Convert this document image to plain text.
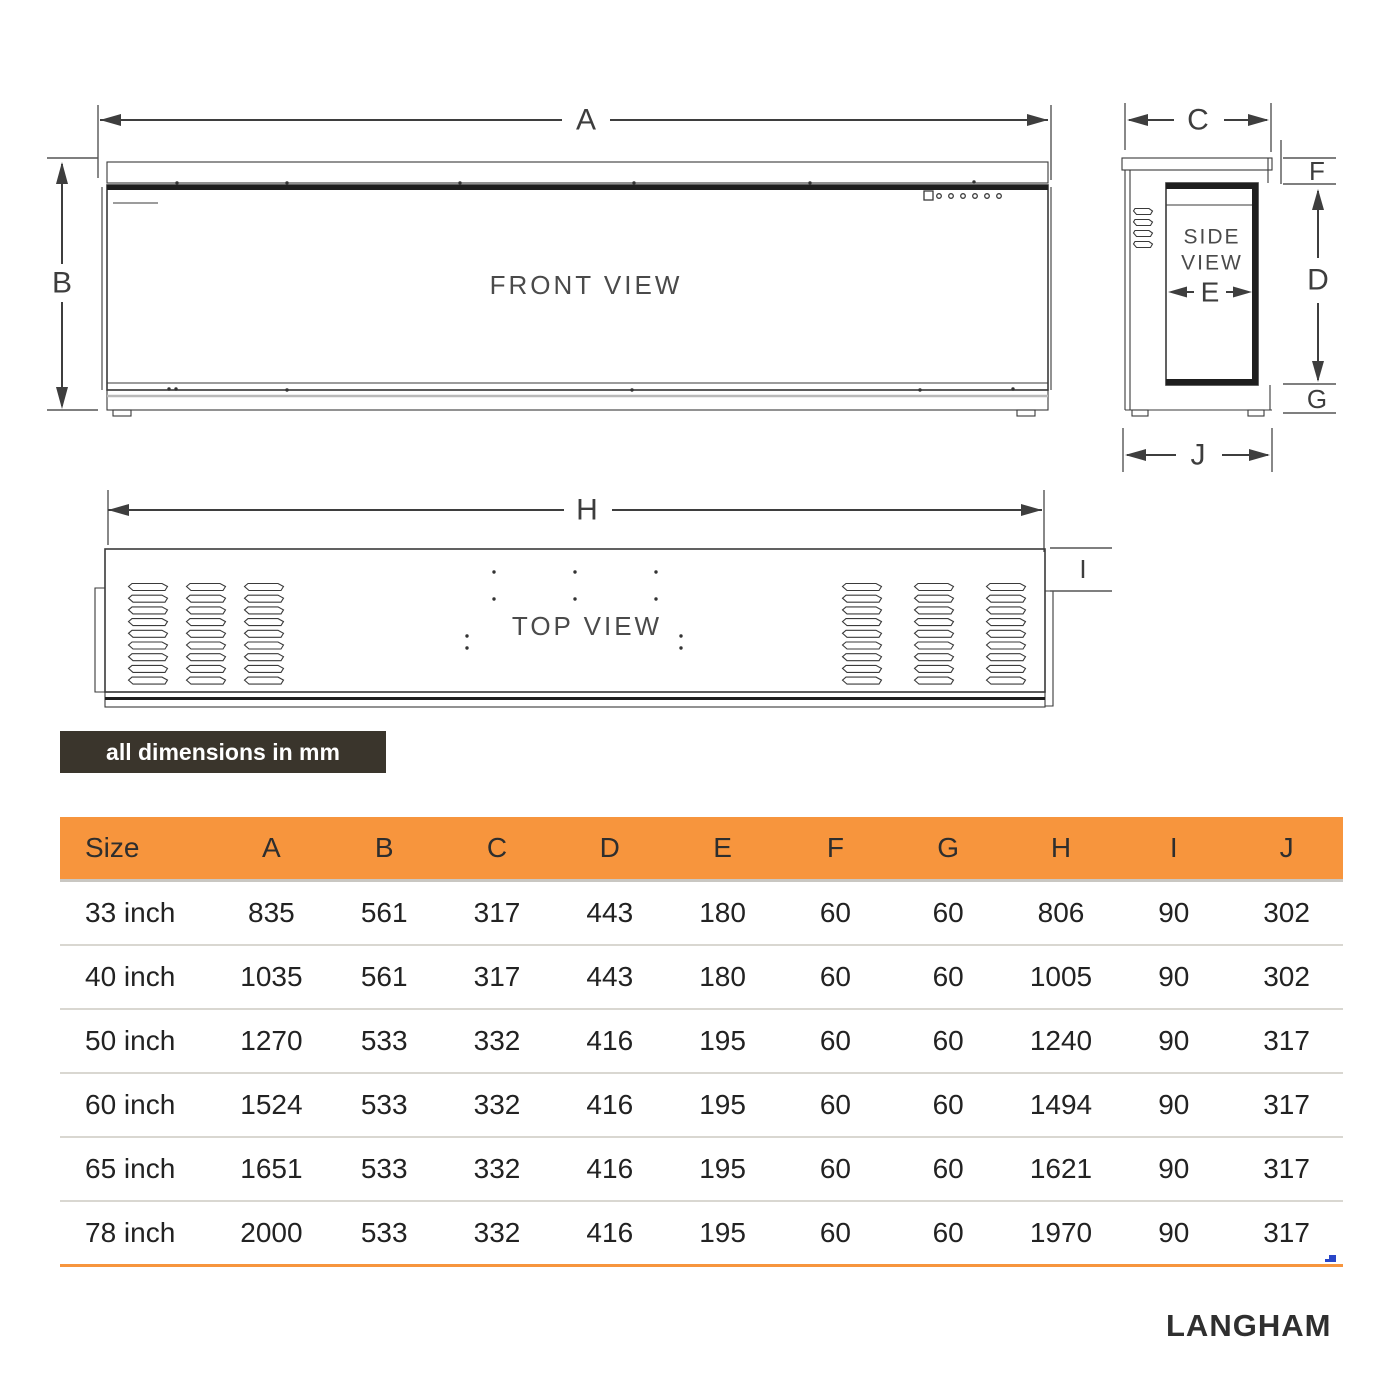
A
B	FRONT VIEW
C
SIDE
VIEW
E
F
D
G
J
H
I
TOP VIEW
all dimensions in mm
Size	A	B	C	D	E	F	G	H	I	J
33 inch	835	561	317	443	180	60	60	806	90	302
40 inch	1035	561	317	443	180	60	60	1005	90	302
50 inch	1270	533	332	416	195	60	60	1240	90	317
60 inch	1524	533	332	416	195	60	60	1494	90	317
65 inch	1651	533	332	416	195	60	60	1621	90	317
78 inch	2000	533	332	416	195	60	60	1970	90	317
LANGHAM
